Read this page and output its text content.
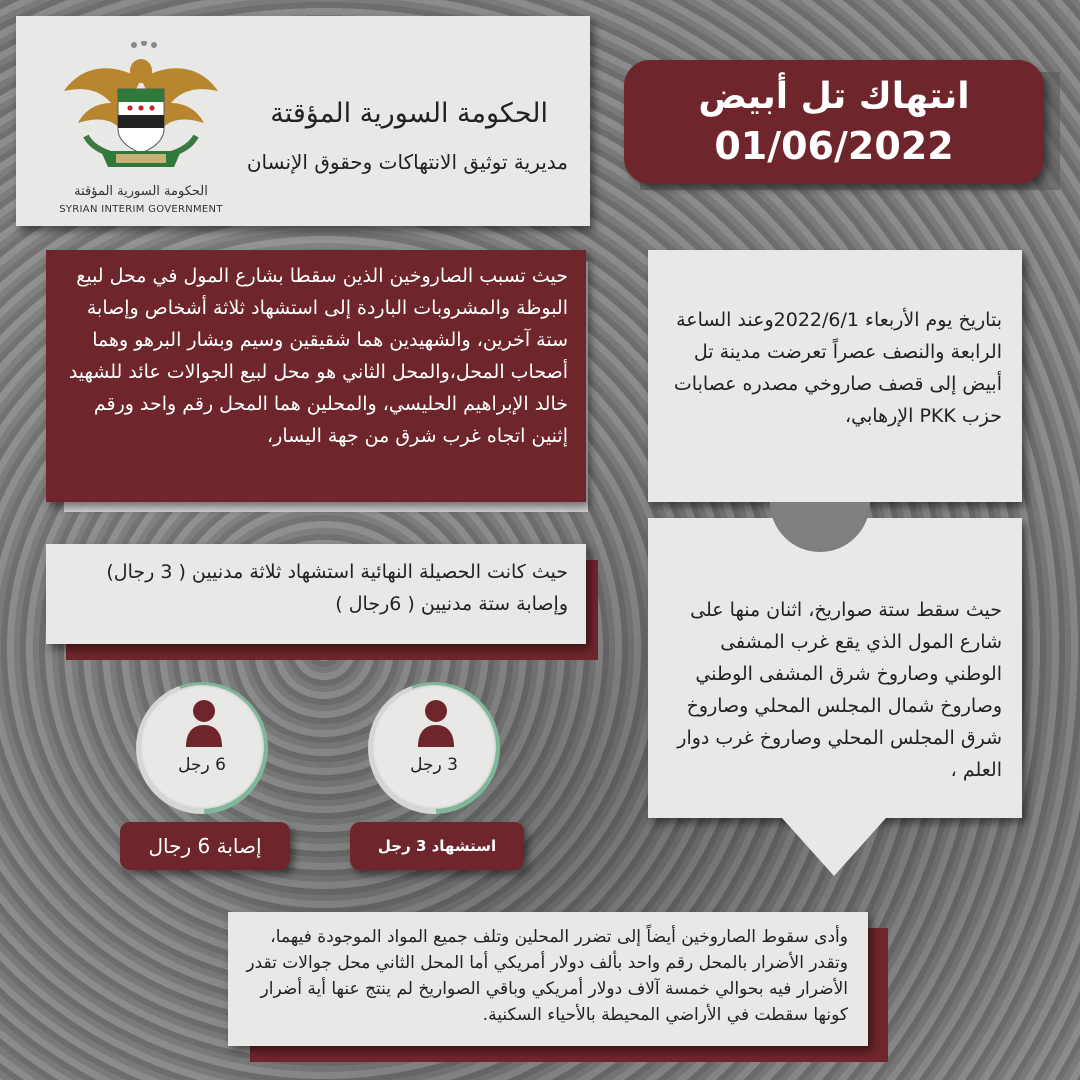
الحكومة السورية المؤقتة
SYRIAN INTERIM GOVERNMENT
الحكومة السورية المؤقتة
مديرية توثيق الانتهاكات وحقوق الإنسان
انتهاك تل أبيض
01/06/2022
حيث تسبب الصاروخين الذين سقطا بشارع المول في محل لبيع البوظة والمشروبات الباردة إلى استشهاد ثلاثة أشخاص وإصابة ستة آخرين، والشهيدين هما شقيقين وسيم وبشار البرهو وهما أصحاب المحل،والمحل الثاني هو محل لبيع الجوالات عائد للشهيد خالد الإبراهيم الحليسي، والمحلين هما المحل رقم واحد ورقم إثنين اتجاه غرب شرق من جهة اليسار،
بتاريخ يوم الأربعاء 2022/6/1وعند الساعة الرابعة والنصف عصراً تعرضت مدينة تل أبيض إلى قصف صاروخي مصدره عصابات حزب PKK الإرهابي،
حيث سقط ستة صواريخ، اثنان منها على شارع المول الذي يقع غرب المشفى الوطني وصاروخ شرق المشفى الوطني وصاروخ شمال المجلس المحلي وصاروخ شرق المجلس المحلي وصاروخ غرب دوار العلم ،
حيث كانت الحصيلة النهائية استشهاد ثلاثة مدنيين ( 3 رجال) وإصابة ستة مدنيين ( 6رجال )
6 رجل
إصابة 6 رجال
3 رجل
استشهاد 3 رجل
وأدى سقوط الصاروخين أيضاً إلى تضرر المحلين وتلف جميع المواد الموجودة فيهما، وتقدر الأضرار بالمحل رقم واحد بألف دولار أمريكي أما المحل الثاني محل جوالات تقدر الأضرار فيه بحوالي خمسة آلاف دولار أمريكي وباقي الصواريخ لم ينتج عنها أية أضرار كونها سقطت في الأراضي المحيطة بالأحياء السكنية.
